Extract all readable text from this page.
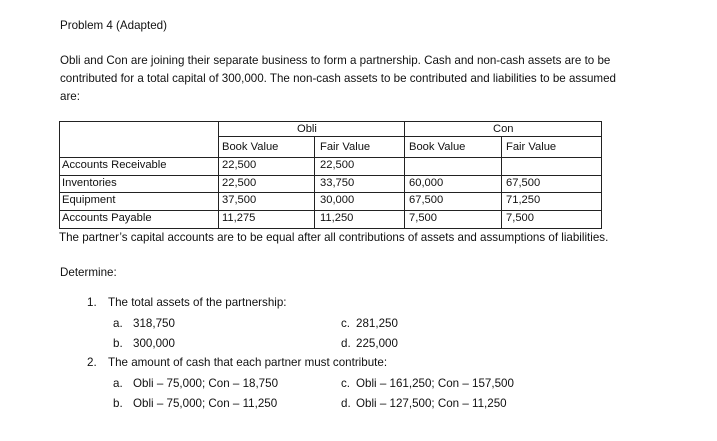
Problem 4 (Adapted)
Obli and Con are joining their separate business to form a partnership. Cash and non-cash assets are to be
contributed for a total capital of 300,000. The non-cash assets to be contributed and liabilities to be assumed
are:
Obli	Con
Book Value	Fair Value	Book Value	Fair Value
Accounts Receivable	22,500	22,500
Inventories	22,500	33,750	60,000	67,500
Equipment	37,500	30,000	67,500	71,250
Accounts Payable	11,275	11,250	7,500	7,500
The partner’s capital accounts are to be equal after all contributions of assets and assumptions of liabilities.
Determine:
1. The total assets of the partnership:
a. 318,750	c. 281,250
b. 300,000	d. 225,000
2. The amount of cash that each partner must contribute:
a. Obli – 75,000; Con – 18,750	c. Obli – 161,250; Con – 157,500
b. Obli – 75,000; Con – 11,250	d. Obli – 127,500; Con – 11,250
